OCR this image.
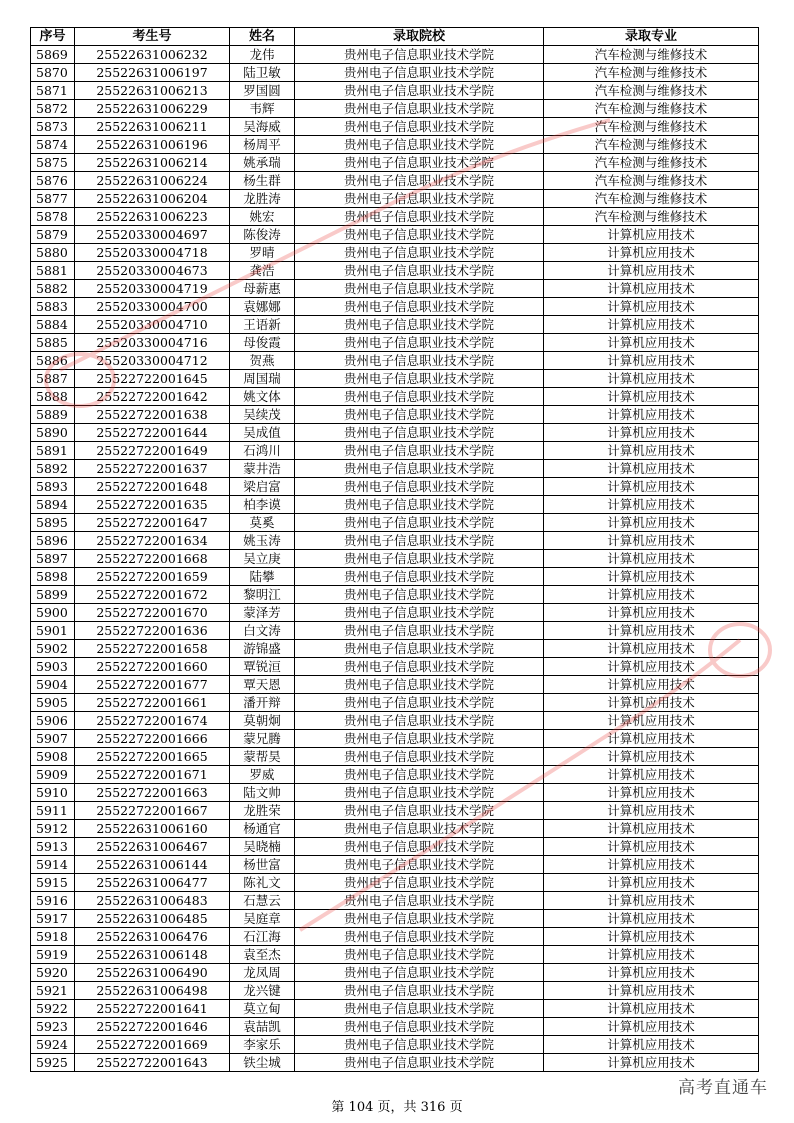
序号	考生号	姓名	录取院校	录取专业
5869	25522631006232	龙伟	贵州电子信息职业技术学院	汽车检测与维修技术
5870	25522631006197	陆卫敏	贵州电子信息职业技术学院	汽车检测与维修技术
5871	25522631006213	罗国圆	贵州电子信息职业技术学院	汽车检测与维修技术
5872	25522631006229	韦辉	贵州电子信息职业技术学院	汽车检测与维修技术
5873	25522631006211	吴海威	贵州电子信息职业技术学院	汽车检测与维修技术
5874	25522631006196	杨周平	贵州电子信息职业技术学院	汽车检测与维修技术
5875	25522631006214	姚承瑞	贵州电子信息职业技术学院	汽车检测与维修技术
5876	25522631006224	杨生群	贵州电子信息职业技术学院	汽车检测与维修技术
5877	25522631006204	龙胜涛	贵州电子信息职业技术学院	汽车检测与维修技术
5878	25522631006223	姚宏	贵州电子信息职业技术学院	汽车检测与维修技术
5879	25520330004697	陈俊涛	贵州电子信息职业技术学院	计算机应用技术
5880	25520330004718	罗晴	贵州电子信息职业技术学院	计算机应用技术
5881	25520330004673	龚浩	贵州电子信息职业技术学院	计算机应用技术
5882	25520330004719	母薪惠	贵州电子信息职业技术学院	计算机应用技术
5883	25520330004700	袁娜娜	贵州电子信息职业技术学院	计算机应用技术
5884	25520330004710	王语新	贵州电子信息职业技术学院	计算机应用技术
5885	25520330004716	母俊霞	贵州电子信息职业技术学院	计算机应用技术
5886	25520330004712	贺燕	贵州电子信息职业技术学院	计算机应用技术
5887	25522722001645	周国瑞	贵州电子信息职业技术学院	计算机应用技术
5888	25522722001642	姚文体	贵州电子信息职业技术学院	计算机应用技术
5889	25522722001638	吴续茂	贵州电子信息职业技术学院	计算机应用技术
5890	25522722001644	吴成值	贵州电子信息职业技术学院	计算机应用技术
5891	25522722001649	石鸿川	贵州电子信息职业技术学院	计算机应用技术
5892	25522722001637	蒙井浩	贵州电子信息职业技术学院	计算机应用技术
5893	25522722001648	梁启富	贵州电子信息职业技术学院	计算机应用技术
5894	25522722001635	柏李谟	贵州电子信息职业技术学院	计算机应用技术
5895	25522722001647	莫奚	贵州电子信息职业技术学院	计算机应用技术
5896	25522722001634	姚玉涛	贵州电子信息职业技术学院	计算机应用技术
5897	25522722001668	吴立庚	贵州电子信息职业技术学院	计算机应用技术
5898	25522722001659	陆攀	贵州电子信息职业技术学院	计算机应用技术
5899	25522722001672	黎明江	贵州电子信息职业技术学院	计算机应用技术
5900	25522722001670	蒙泽芳	贵州电子信息职业技术学院	计算机应用技术
5901	25522722001636	白文涛	贵州电子信息职业技术学院	计算机应用技术
5902	25522722001658	游锦盛	贵州电子信息职业技术学院	计算机应用技术
5903	25522722001660	覃锐洹	贵州电子信息职业技术学院	计算机应用技术
5904	25522722001677	覃天恩	贵州电子信息职业技术学院	计算机应用技术
5905	25522722001661	潘开辩	贵州电子信息职业技术学院	计算机应用技术
5906	25522722001674	莫朝炯	贵州电子信息职业技术学院	计算机应用技术
5907	25522722001666	蒙兄腾	贵州电子信息职业技术学院	计算机应用技术
5908	25522722001665	蒙帮昊	贵州电子信息职业技术学院	计算机应用技术
5909	25522722001671	罗威	贵州电子信息职业技术学院	计算机应用技术
5910	25522722001663	陆文帅	贵州电子信息职业技术学院	计算机应用技术
5911	25522722001667	龙胜荣	贵州电子信息职业技术学院	计算机应用技术
5912	25522631006160	杨通官	贵州电子信息职业技术学院	计算机应用技术
5913	25522631006467	吴晓楠	贵州电子信息职业技术学院	计算机应用技术
5914	25522631006144	杨世富	贵州电子信息职业技术学院	计算机应用技术
5915	25522631006477	陈礼文	贵州电子信息职业技术学院	计算机应用技术
5916	25522631006483	石慧云	贵州电子信息职业技术学院	计算机应用技术
5917	25522631006485	吴庭章	贵州电子信息职业技术学院	计算机应用技术
5918	25522631006476	石江海	贵州电子信息职业技术学院	计算机应用技术
5919	25522631006148	袁至杰	贵州电子信息职业技术学院	计算机应用技术
5920	25522631006490	龙凤周	贵州电子信息职业技术学院	计算机应用技术
5921	25522631006498	龙兴键	贵州电子信息职业技术学院	计算机应用技术
5922	25522722001641	莫立甸	贵州电子信息职业技术学院	计算机应用技术
5923	25522722001646	袁喆凯	贵州电子信息职业技术学院	计算机应用技术
5924	25522722001669	李家乐	贵州电子信息职业技术学院	计算机应用技术
5925	25522722001643	铁尘城	贵州电子信息职业技术学院	计算机应用技术
第 104 页，共 316 页
高考直通车
